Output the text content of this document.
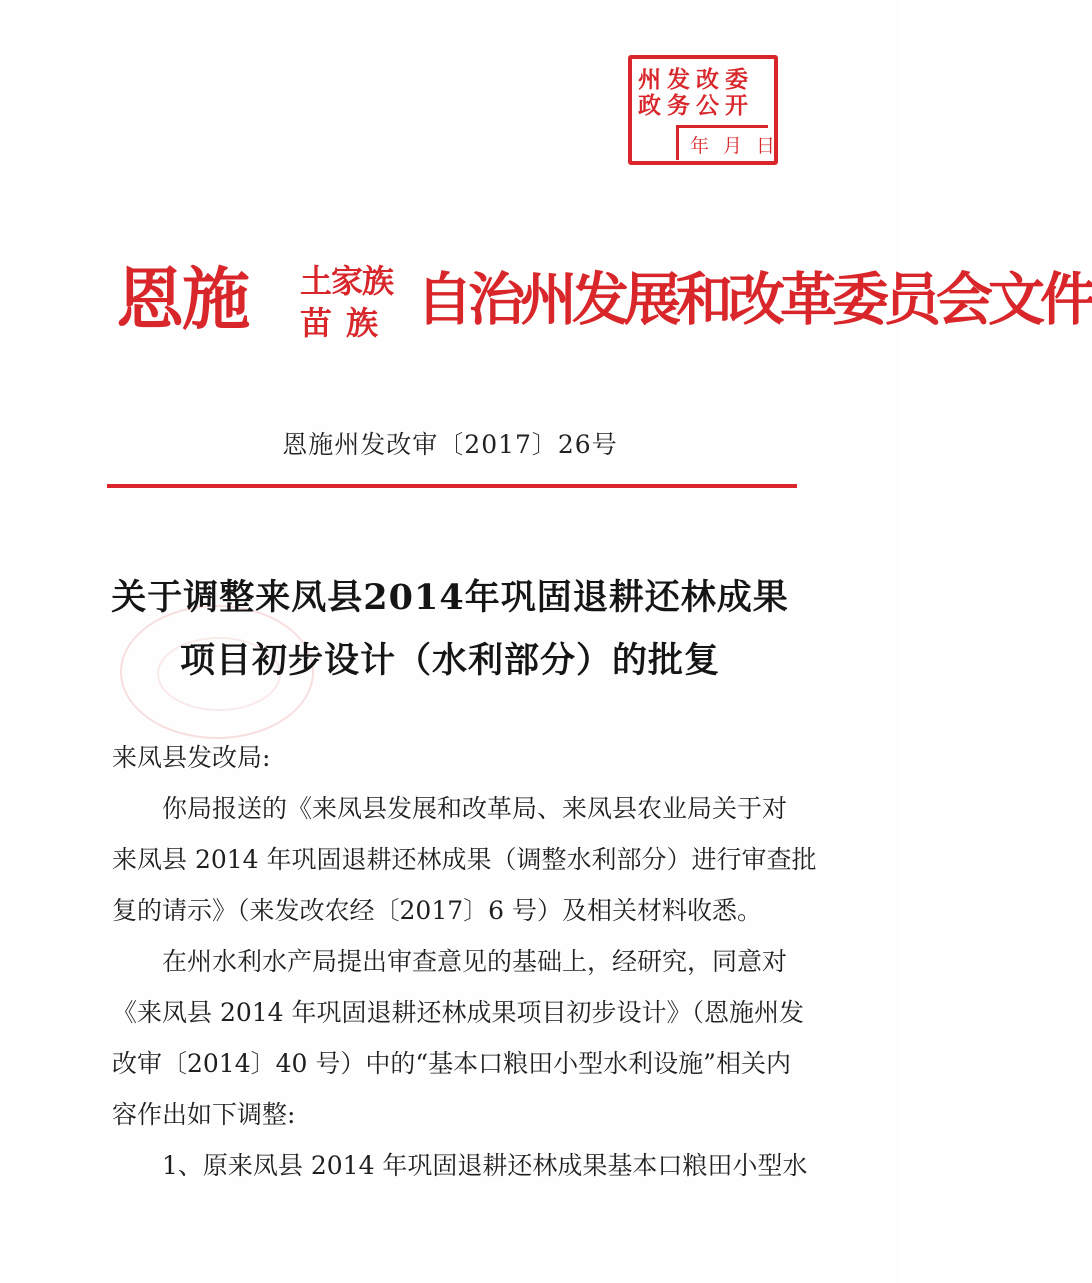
州发改委
政务公开
年月日
恩施 土家族
苗族 自治州发展和改革委员会文件
恩施州发改审〔2017〕26号
关于调整来凤县2014年巩固退耕还林成果
项目初步设计（水利部分）的批复
来凤县发改局:
你局报送的《来凤县发展和改革局、来凤县农业局关于对
来凤县 2014 年巩固退耕还林成果（调整水利部分）进行审查批
复的请示》（来发改农经〔2017〕6 号）及相关材料收悉。
在州水利水产局提出审查意见的基础上，经研究，同意对
《来凤县 2014 年巩固退耕还林成果项目初步设计》（恩施州发
改审〔2014〕40 号）中的“基本口粮田小型水利设施”相关内
容作出如下调整:
1、原来凤县 2014 年巩固退耕还林成果基本口粮田小型水
